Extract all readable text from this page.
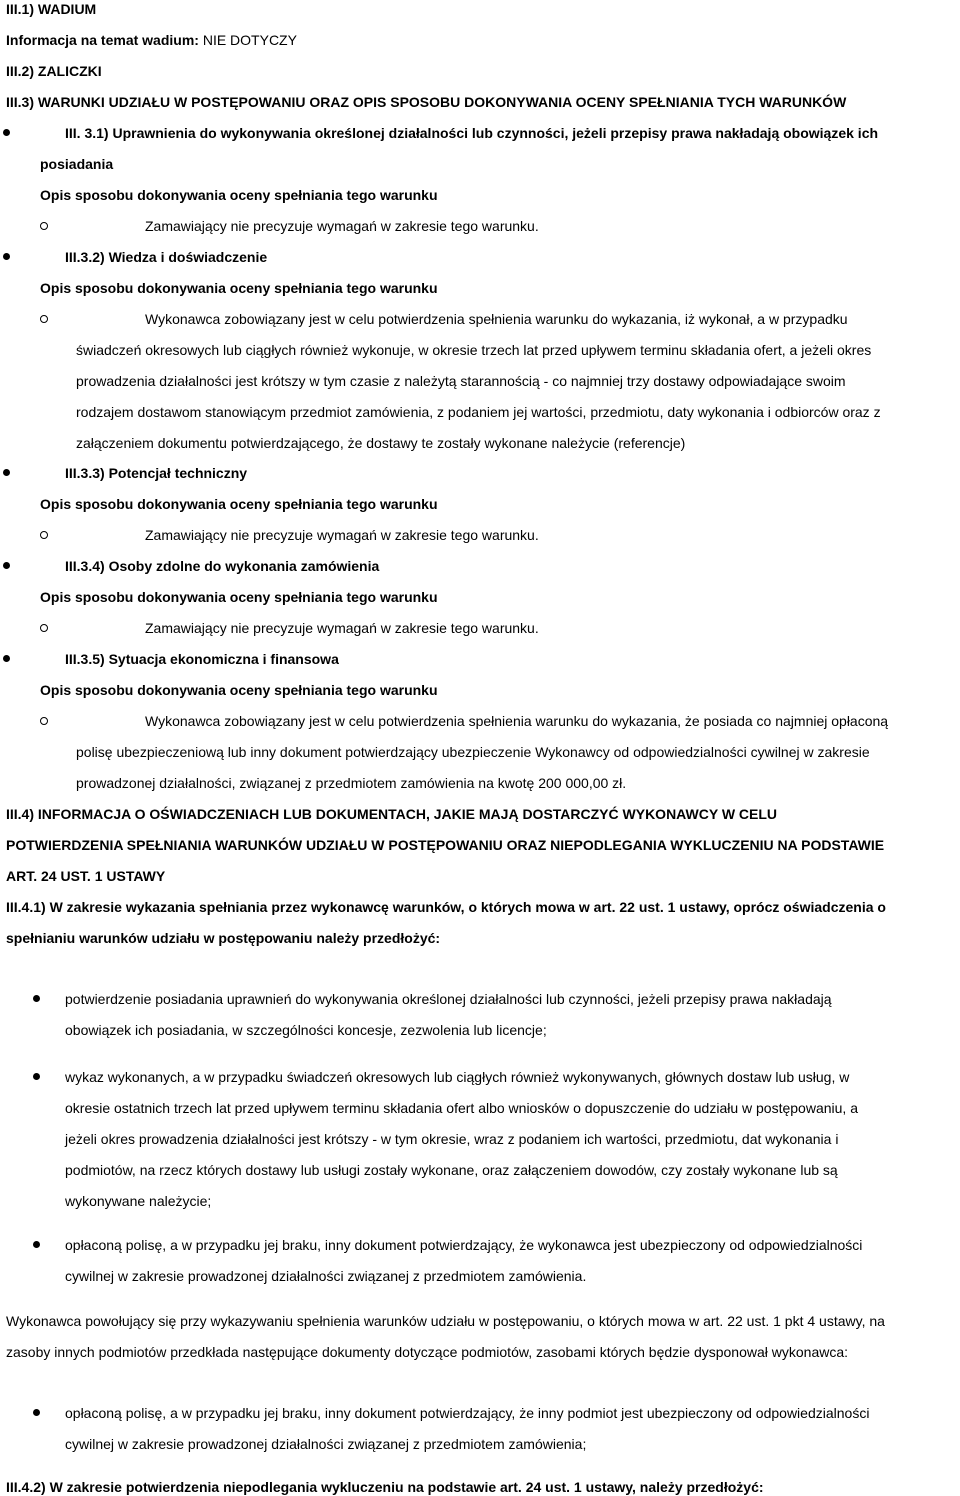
III.1) WADIUM
Informacja na temat wadium: NIE DOTYCZY
III.2) ZALICZKI
III.3) WARUNKI UDZIAŁU W POSTĘPOWANIU ORAZ OPIS SPOSOBU DOKONYWANIA OCENY SPEŁNIANIA TYCH WARUNKÓW
III. 3.1) Uprawnienia do wykonywania określonej działalności lub czynności, jeżeli przepisy prawa nakładają obowiązek ich
posiadania
Opis sposobu dokonywania oceny spełniania tego warunku
Zamawiający nie precyzuje wymagań w zakresie tego warunku.
III.3.2) Wiedza i doświadczenie
Opis sposobu dokonywania oceny spełniania tego warunku
Wykonawca zobowiązany jest w celu potwierdzenia spełnienia warunku do wykazania, iż wykonał, a w przypadku
świadczeń okresowych lub ciągłych również wykonuje, w okresie trzech lat przed upływem terminu składania ofert, a jeżeli okres
prowadzenia działalności jest krótszy w tym czasie z należytą starannością - co najmniej trzy dostawy odpowiadające swoim
rodzajem dostawom stanowiącym przedmiot zamówienia, z podaniem jej wartości, przedmiotu, daty wykonania i odbiorców oraz z
załączeniem dokumentu potwierdzającego, że dostawy te zostały wykonane należycie (referencje)
III.3.3) Potencjał techniczny
Opis sposobu dokonywania oceny spełniania tego warunku
Zamawiający nie precyzuje wymagań w zakresie tego warunku.
III.3.4) Osoby zdolne do wykonania zamówienia
Opis sposobu dokonywania oceny spełniania tego warunku
Zamawiający nie precyzuje wymagań w zakresie tego warunku.
III.3.5) Sytuacja ekonomiczna i finansowa
Opis sposobu dokonywania oceny spełniania tego warunku
Wykonawca zobowiązany jest w celu potwierdzenia spełnienia warunku do wykazania, że posiada co najmniej opłaconą
polisę ubezpieczeniową lub inny dokument potwierdzający ubezpieczenie Wykonawcy od odpowiedzialności cywilnej w zakresie
prowadzonej działalności, związanej z przedmiotem zamówienia na kwotę 200 000,00 zł.
III.4) INFORMACJA O OŚWIADCZENIACH LUB DOKUMENTACH, JAKIE MAJĄ DOSTARCZYĆ WYKONAWCY W CELU
POTWIERDZENIA SPEŁNIANIA WARUNKÓW UDZIAŁU W POSTĘPOWANIU ORAZ NIEPODLEGANIA WYKLUCZENIU NA PODSTAWIE
ART. 24 UST. 1 USTAWY
III.4.1) W zakresie wykazania spełniania przez wykonawcę warunków, o których mowa w art. 22 ust. 1 ustawy, oprócz oświadczenia o
spełnianiu warunków udziału w postępowaniu należy przedłożyć:
potwierdzenie posiadania uprawnień do wykonywania określonej działalności lub czynności, jeżeli przepisy prawa nakładają
obowiązek ich posiadania, w szczególności koncesje, zezwolenia lub licencje;
wykaz wykonanych, a w przypadku świadczeń okresowych lub ciągłych również wykonywanych, głównych dostaw lub usług, w
okresie ostatnich trzech lat przed upływem terminu składania ofert albo wniosków o dopuszczenie do udziału w postępowaniu, a
jeżeli okres prowadzenia działalności jest krótszy - w tym okresie, wraz z podaniem ich wartości, przedmiotu, dat wykonania i
podmiotów, na rzecz których dostawy lub usługi zostały wykonane, oraz załączeniem dowodów, czy zostały wykonane lub są
wykonywane należycie;
opłaconą polisę, a w przypadku jej braku, inny dokument potwierdzający, że wykonawca jest ubezpieczony od odpowiedzialności
cywilnej w zakresie prowadzonej działalności związanej z przedmiotem zamówienia.
Wykonawca powołujący się przy wykazywaniu spełnienia warunków udziału w postępowaniu, o których mowa w art. 22 ust. 1 pkt 4 ustawy, na
zasoby innych podmiotów przedkłada następujące dokumenty dotyczące podmiotów, zasobami których będzie dysponował wykonawca:
opłaconą polisę, a w przypadku jej braku, inny dokument potwierdzający, że inny podmiot jest ubezpieczony od odpowiedzialności
cywilnej w zakresie prowadzonej działalności związanej z przedmiotem zamówienia;
III.4.2) W zakresie potwierdzenia niepodlegania wykluczeniu na podstawie art. 24 ust. 1 ustawy, należy przedłożyć:
